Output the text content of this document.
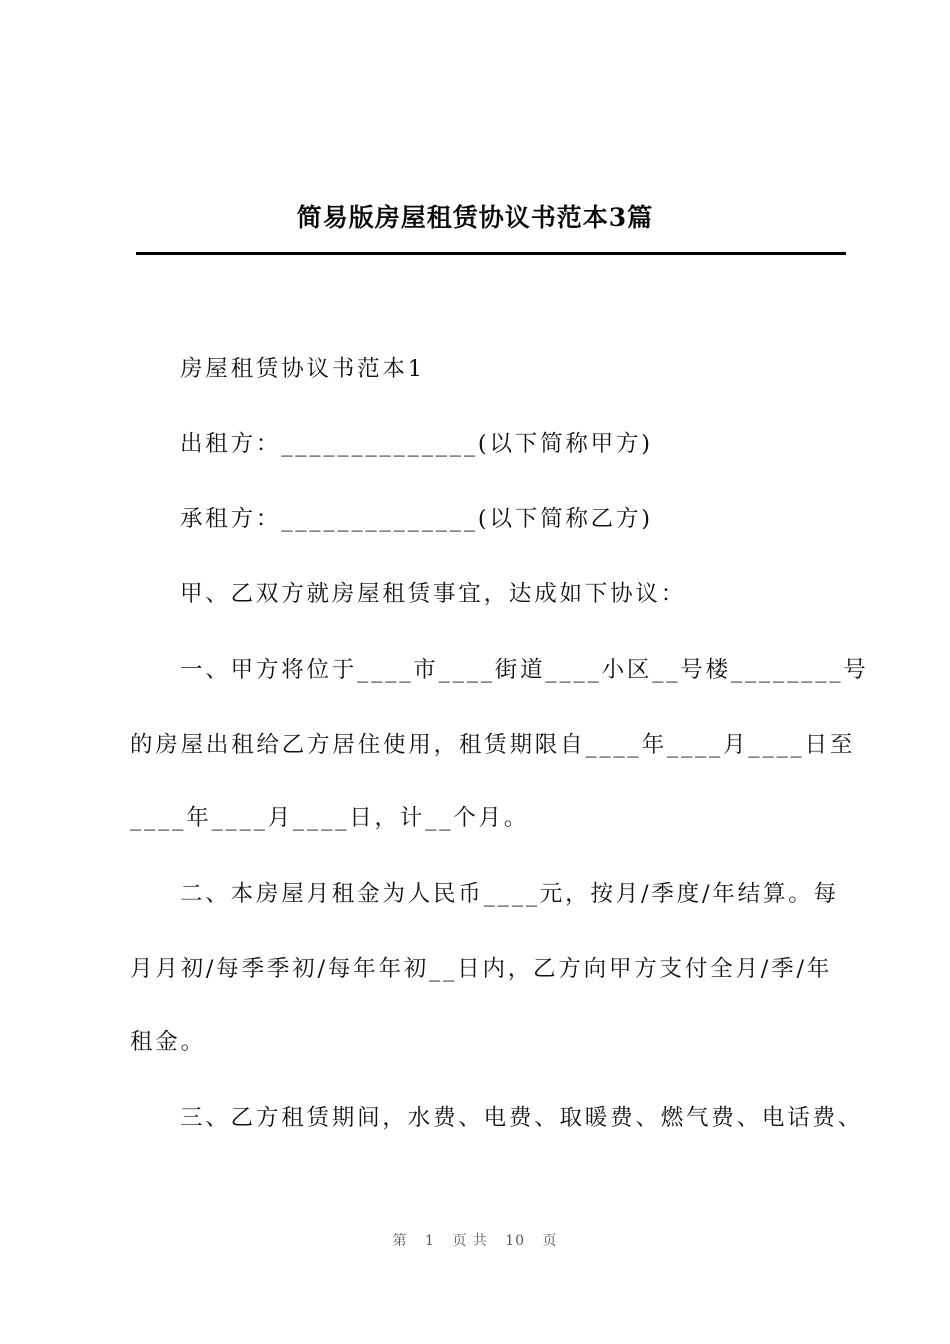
简易版房屋租赁协议书范本3篇
房屋租赁协议书范本1
出租方：______________(以下简称甲方)
承租方：______________(以下简称乙方)
甲、乙双方就房屋租赁事宜，达成如下协议：
一、甲方将位于____市____街道____小区__号楼________号
的房屋出租给乙方居住使用，租赁期限自____年____月____日至
____年____月____日，计__个月。
二、本房屋月租金为人民币____元，按月/季度/年结算。每
月月初/每季季初/每年年初__日内，乙方向甲方支付全月/季/年
租金。
三、乙方租赁期间，水费、电费、取暖费、燃气费、电话费、
第 1 页 共 10 页
